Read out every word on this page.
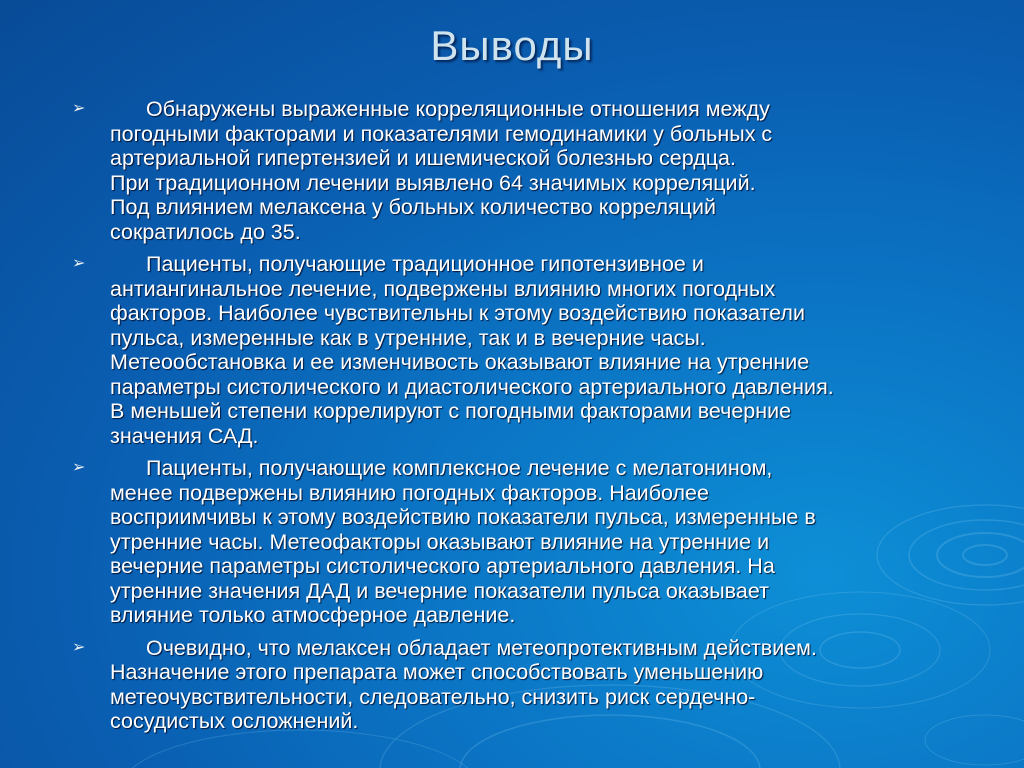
Выводы
➢	Обнаружены выраженные корреляционные отношения между
погодными факторами и показателями гемодинамики у больных с
артериальной гипертензией и ишемической болезнью сердца.
При традиционном лечении выявлено 64 значимых корреляций.
Под влиянием мелаксена у больных количество корреляций
сократилось до 35.
➢	Пациенты, получающие традиционное гипотензивное и
антиангинальное лечение, подвержены влиянию многих погодных
факторов. Наиболее чувствительны к этому воздействию показатели
пульса, измеренные как в утренние, так и в вечерние часы.
Метеообстановка и ее изменчивость оказывают влияние на утренние
параметры систолического и диастолического артериального давления.
В меньшей степени коррелируют с погодными факторами вечерние
значения САД.
➢	Пациенты, получающие комплексное лечение с мелатонином,
менее подвержены влиянию погодных факторов. Наиболее
восприимчивы к этому воздействию показатели пульса, измеренные в
утренние часы. Метеофакторы оказывают влияние на утренние и
вечерние параметры систолического артериального давления. На
утренние значения ДАД и вечерние показатели пульса оказывает
влияние только атмосферное давление.
➢	Очевидно, что мелаксен обладает метеопротективным действием.
Назначение этого препарата может способствовать уменьшению
метеочувствительности, следовательно, снизить риск сердечно-
сосудистых осложнений.
